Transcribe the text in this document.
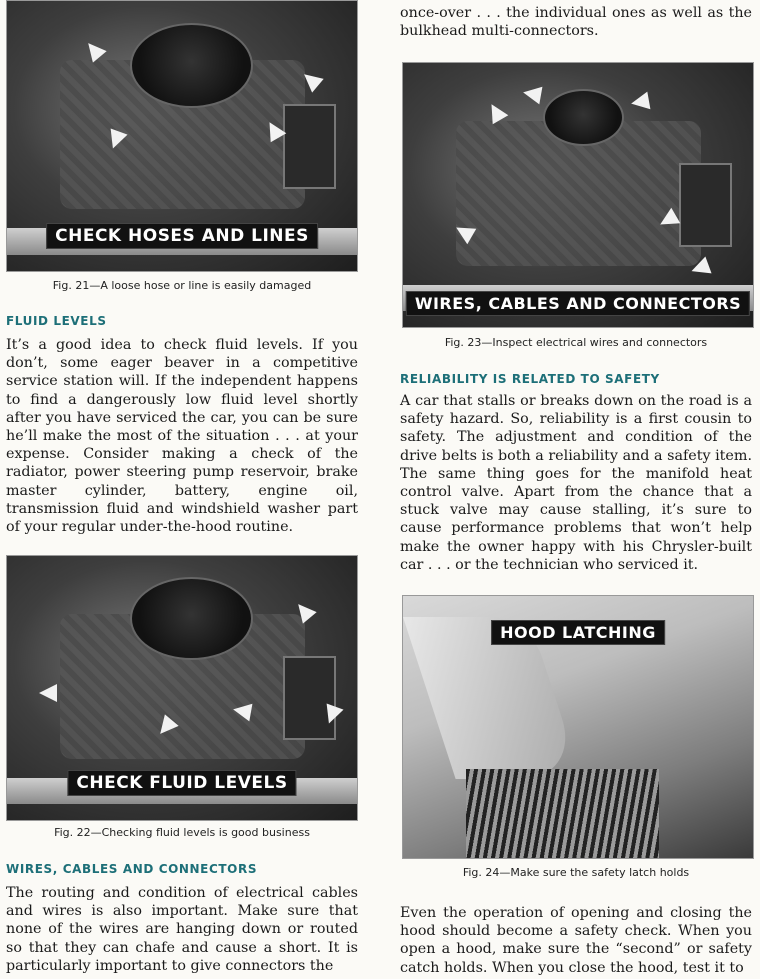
CHECK HOSES AND LINES
Fig. 21—A loose hose or line is easily damaged
FLUID LEVELS

It’s a good idea to check fluid levels. If you don’t, some eager beaver in a competitive service station will. If the independent happens to find a dangerously low fluid level shortly after you have serviced the car, you can be sure he’ll make the most of the situation . . . at your expense. Consider making a check of the radiator, power steering pump reservoir, brake master cylinder, battery, engine oil, transmission fluid and windshield washer part of your regular under-the-hood routine.

CHECK FLUID LEVELS
Fig. 22—Checking fluid levels is good business
WIRES, CABLES AND CONNECTORS

The routing and condition of electrical cables and wires is also important. Make sure that none of the wires are hanging down or routed so that they can chafe and cause a short. It is particularly important to give connectors the

once-over . . . the individual ones as well as the bulkhead multi-connectors.

WIRES, CABLES AND CONNECTORS
Fig. 23—Inspect electrical wires and connectors
RELIABILITY IS RELATED TO SAFETY

A car that stalls or breaks down on the road is a safety hazard. So, reliability is a first cousin to safety. The adjustment and condition of the drive belts is both a reliability and a safety item. The same thing goes for the manifold heat control valve. Apart from the chance that a stuck valve may cause stalling, it’s sure to cause performance problems that won’t help make the owner happy with his Chrysler-built car . . . or the technician who serviced it.

HOOD LATCHING
Fig. 24—Make sure the safety latch holds

Even the operation of opening and closing the hood should become a safety check. When you open a hood, make sure the “second” or safety catch holds. When you close the hood, test it to
